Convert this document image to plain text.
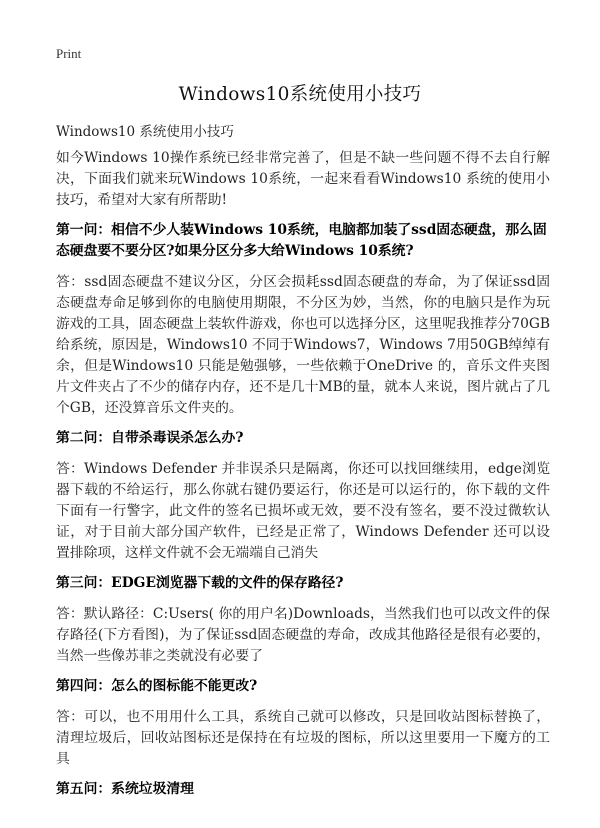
Print
Windows10系统使用小技巧
Windows10 系统使用小技巧

如今Windows 10操作系统已经非常完善了，但是不缺一些问题不得不去自行解决，下面我们就来玩Windows 10系统，一起来看看Windows10 系统的使用小技巧，希望对大家有所帮助!

第一问：相信不少人装Windows 10系统，电脑都加装了ssd固态硬盘，那么固态硬盘要不要分区?如果分区分多大给Windows 10系统?

答：ssd固态硬盘不建议分区，分区会损耗ssd固态硬盘的寿命，为了保证ssd固态硬盘寿命足够到你的电脑使用期限，不分区为妙，当然，你的电脑只是作为玩游戏的工具，固态硬盘上装软件游戏，你也可以选择分区，这里呢我推荐分70GB给系统，原因是，Windows10 不同于Windows7，Windows 7用50GB绰绰有余，但是Windows10 只能是勉强够，一些依赖于OneDrive 的，音乐文件夹图片文件夹占了不少的储存内存，还不是几十MB的量，就本人来说，图片就占了几个GB，还没算音乐文件夹的。

第二问：自带杀毒误杀怎么办?

答：Windows Defender 并非误杀只是隔离，你还可以找回继续用，edge浏览器下载的不给运行，那么你就右键仍要运行，你还是可以运行的，你下载的文件下面有一行警字，此文件的签名已损坏或无效，要不没有签名，要不没过微软认证，对于目前大部分国产软件，已经是正常了，Windows Defender 还可以设置排除项，这样文件就不会无端端自己消失

第三问：EDGE浏览器下载的文件的保存路径?

答：默认路径：C:Users( 你的用户名)Downloads，当然我们也可以改文件的保存路径(下方看图)，为了保证ssd固态硬盘的寿命，改成其他路径是很有必要的，当然一些像苏菲之类就没有必要了

第四问：怎么的图标能不能更改?

答：可以，也不用用什么工具，系统自己就可以修改，只是回收站图标替换了，清理垃圾后，回收站图标还是保持在有垃圾的图标，所以这里要用一下魔方的工具

第五问：系统垃圾清理
